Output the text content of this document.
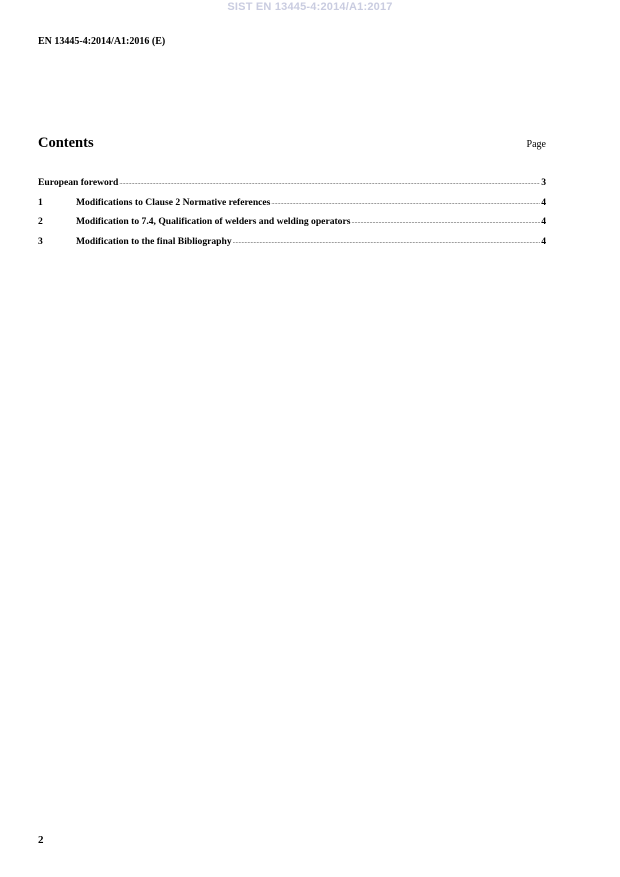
SIST EN 13445-4:2014/A1:2017
EN 13445-4:2014/A1:2016 (E)
Contents	Page
European foreword .....	3
1	Modifications to Clause 2 Normative references .....	4
2	Modification to 7.4, Qualification of welders and welding operators .....	4
3	Modification to the final Bibliography .....	4
2
